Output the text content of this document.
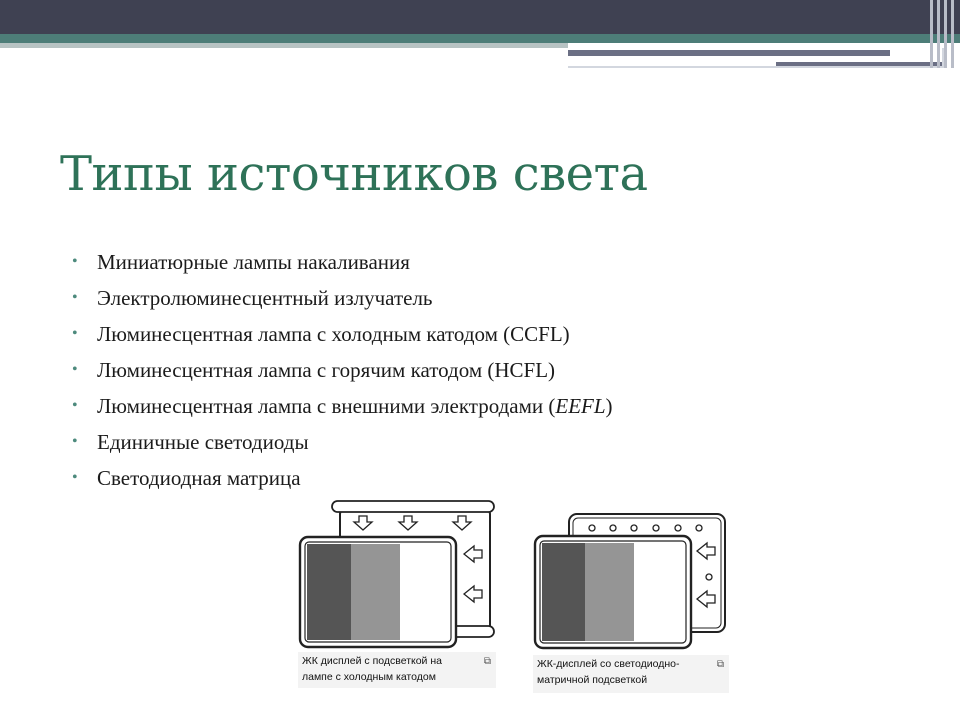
Типы источников света
• Миниатюрные лампы накаливания
• Электролюминесцентный излучатель
• Люминесцентная лампа с холодным катодом (CCFL)
• Люминесцентная лампа с горячим катодом (HCFL)
• Люминесцентная лампа с внешними электродами (EEFL)
• Единичные светодиоды
• Светодиодная матрица
ЖК дисплей с подсветкой на
лампе с холодным катодом
⧉	ЖК-дисплей со светодиодно-
матричной подсветкой
⧉
